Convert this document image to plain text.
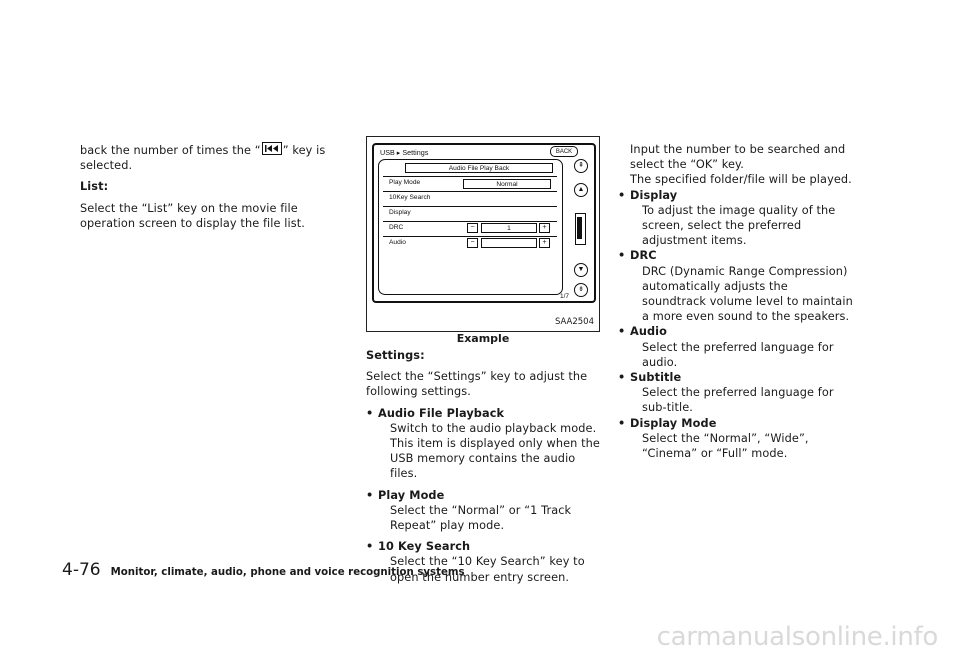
back the number of times the “ ” key is selected.

List:

Select the “List” key on the movie file operation screen to display the file list.

USB ▸ Settings	BACK
Audio File Play Back
Play Mode	Normal
10Key Search
Display
DRC	−	1	+
Audio	−	+
⇞
▲
▼
⇟
1/7
SAA2504
Example

Settings:

Select the “Settings” key to adjust the following settings.

• Audio File Playback

Switch to the audio playback mode. This item is displayed only when the USB memory contains the audio files.

• Play Mode

Select the “Normal” or “1 Track Repeat” play mode.

• 10 Key Search

Select the “10 Key Search” key to open the number entry screen.

Input the number to be searched and select the “OK” key.

The specified folder/file will be played.

• Display

To adjust the image quality of the screen, select the preferred adjustment items.

• DRC

DRC (Dynamic Range Compression) automatically adjusts the soundtrack volume level to maintain a more even sound to the speakers.

• Audio

Select the preferred language for audio.

• Subtitle

Select the preferred language for sub-title.

• Display Mode

Select the “Normal”, “Wide”, “Cinema” or “Full” mode.

4-76 Monitor, climate, audio, phone and voice recognition systems
carmanualsonline.info
